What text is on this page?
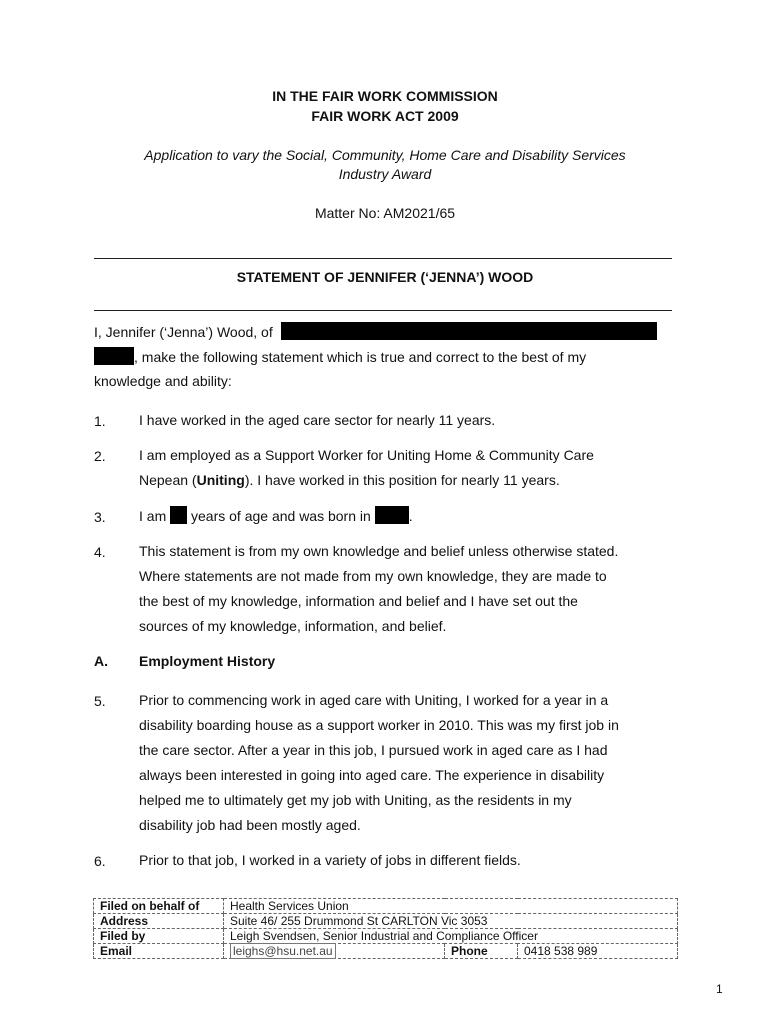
IN THE FAIR WORK COMMISSION
FAIR WORK ACT 2009
Application to vary the Social, Community, Home Care and Disability Services
Industry Award
Matter No: AM2021/65
STATEMENT OF JENNIFER (‘JENNA’) WOOD
I, Jennifer (‘Jenna’) Wood, of
, make the following statement which is true and correct to the best of my
knowledge and ability:
1. I have worked in the aged care sector for nearly 11 years.
2. I am employed as a Support Worker for Uniting Home & Community Care
Nepean (Uniting). I have worked in this position for nearly 11 years.
3. I am years of age and was born in	.
4. This statement is from my own knowledge and belief unless otherwise stated.
Where statements are not made from my own knowledge, they are made to
the best of my knowledge, information and belief and I have set out the
sources of my knowledge, information, and belief.
A. Employment History
5. Prior to commencing work in aged care with Uniting, I worked for a year in a
disability boarding house as a support worker in 2010. This was my first job in
the care sector. After a year in this job, I pursued work in aged care as I had
always been interested in going into aged care. The experience in disability
helped me to ultimately get my job with Uniting, as the residents in my
disability job had been mostly aged.
6. Prior to that job, I worked in a variety of jobs in different fields.
Filed on behalf of	Health Services Union		
Address	Suite 46/ 255 Drummond St CARLTON Vic 3053		
Filed by	Leigh Svendsen, Senior Industrial and Compliance Officer		
Email	leighs@hsu.net.au	Phone	0418 538 989
1
